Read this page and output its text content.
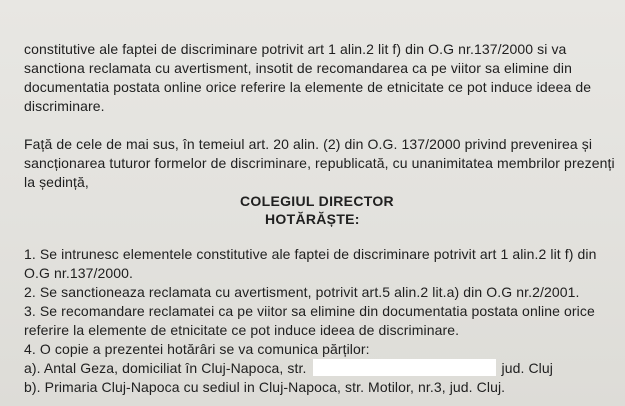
constitutive ale faptei de discriminare potrivit art 1 alin.2 lit f) din O.G nr.137/2000 si va
sanctiona reclamata cu avertisment, insotit de recomandarea ca pe viitor sa elimine din
documentatia postata online orice referire la elemente de etnicitate ce pot induce ideea de
discriminare.
Față de cele de mai sus, în temeiul art. 20 alin. (2) din O.G. 137/2000 privind prevenirea și
sancționarea tuturor formelor de discriminare, republicată, cu unanimitatea membrilor prezenți
la ședință,
COLEGIUL DIRECTOR
HOTĂRĂȘTE:
1. Se intrunesc elementele constitutive ale faptei de discriminare potrivit art 1 alin.2 lit f) din
O.G nr.137/2000.
2. Se sanctioneaza reclamata cu avertisment, potrivit art.5 alin.2 lit.a) din O.G nr.2/2001.
3. Se recomandare reclamatei ca pe viitor sa elimine din documentatia postata online orice
referire la elemente de etnicitate ce pot induce ideea de discriminare.
4. O copie a prezentei hotărâri se va comunica părților:
a). Antal Geza, domiciliat în Cluj-Napoca, str.	jud. Cluj
b). Primaria Cluj-Napoca cu sediul in Cluj-Napoca, str. Motilor, nr.3, jud. Cluj.
